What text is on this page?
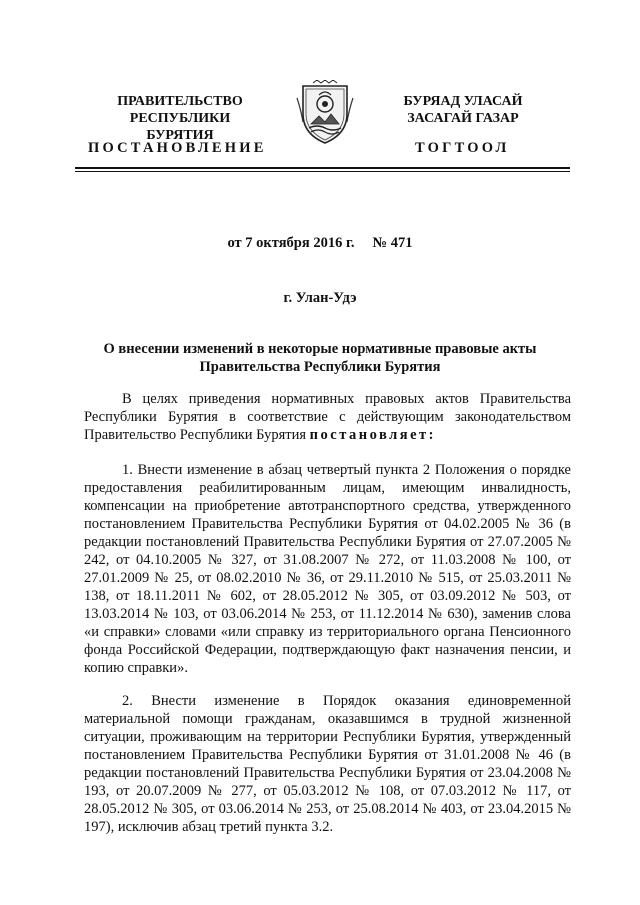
ПРАВИТЕЛЬСТВО
РЕСПУБЛИКИ БУРЯТИЯ
БУРЯАД УЛАСАЙ
ЗАСАГАЙ ГАЗАР
ПОСТАНОВЛЕНИЕ	ТОГТООЛ
от 7 октября 2016 г. № 471
г. Улан-Удэ
О внесении изменений в некоторые нормативные правовые акты
Правительства Республики Бурятия
В целях приведения нормативных правовых актов Правительства Республики Бурятия в соответствие с действующим законодательством Правительство Республики Бурятия постановляет:
1. Внести изменение в абзац четвертый пункта 2 Положения о порядке предоставления реабилитированным лицам, имеющим инвалидность, компенсации на приобретение автотранспортного средства, утвержденного постановлением Правительства Республики Бурятия от 04.02.2005 № 36 (в редакции постановлений Правительства Республики Бурятия от 27.07.2005 № 242, от 04.10.2005 № 327, от 31.08.2007 № 272, от 11.03.2008 № 100, от 27.01.2009 № 25, от 08.02.2010 № 36, от 29.11.2010 № 515, от 25.03.2011 № 138, от 18.11.2011 № 602, от 28.05.2012 № 305, от 03.09.2012 № 503, от 13.03.2014 № 103, от 03.06.2014 № 253, от 11.12.2014 № 630), заменив слова «и справки» словами «или справку из территориального органа Пенсионного фонда Российской Федерации, подтверждающую факт назначения пенсии, и копию справки».
2. Внести изменение в Порядок оказания единовременной материальной помощи гражданам, оказавшимся в трудной жизненной ситуации, проживающим на территории Республики Бурятия, утвержденный постановлением Правительства Республики Бурятия от 31.01.2008 № 46 (в редакции постановлений Правительства Республики Бурятия от 23.04.2008 № 193, от 20.07.2009 № 277, от 05.03.2012 № 108, от 07.03.2012 № 117, от 28.05.2012 № 305, от 03.06.2014 № 253, от 25.08.2014 № 403, от 23.04.2015 № 197), исключив абзац третий пункта 3.2.
